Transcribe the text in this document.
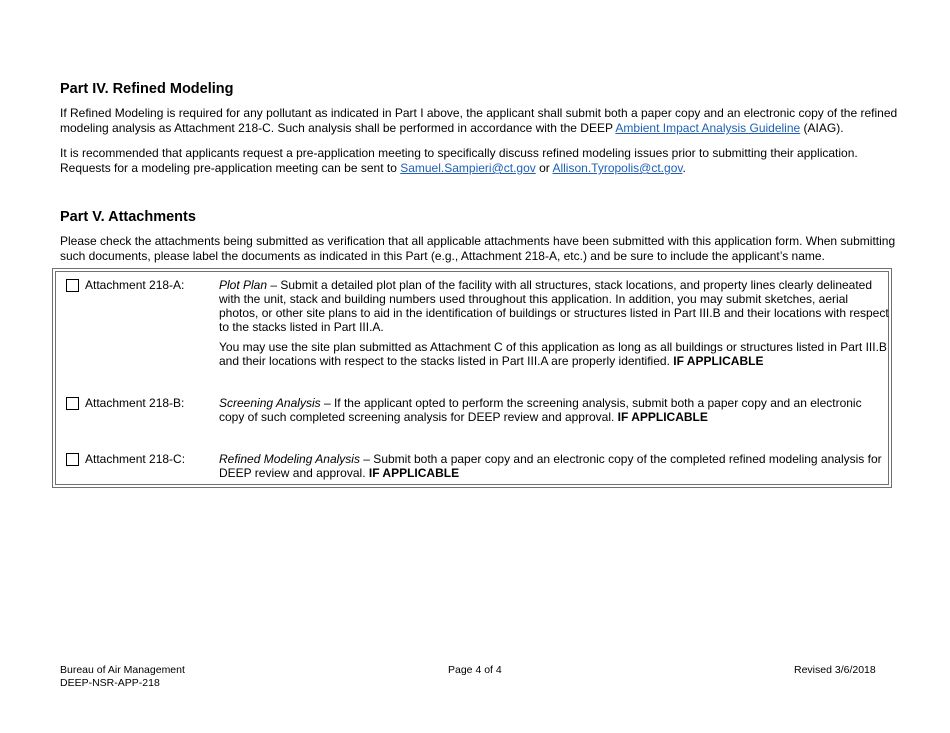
Part IV. Refined Modeling
If Refined Modeling is required for any pollutant as indicated in Part I above, the applicant shall submit both a paper copy and an electronic copy of the refined modeling analysis as Attachment 218-C. Such analysis shall be performed in accordance with the DEEP Ambient Impact Analysis Guideline (AIAG).
It is recommended that applicants request a pre-application meeting to specifically discuss refined modeling issues prior to submitting their application. Requests for a modeling pre-application meeting can be sent to Samuel.Sampieri@ct.gov or Allison.Tyropolis@ct.gov.
Part V. Attachments
Please check the attachments being submitted as verification that all applicable attachments have been submitted with this application form. When submitting such documents, please label the documents as indicated in this Part (e.g., Attachment 218-A, etc.) and be sure to include the applicant’s name.
Attachment 218-A:	Plot Plan – Submit a detailed plot plan of the facility with all structures, stack locations, and property lines clearly delineated with the unit, stack and building numbers used throughout this application. In addition, you may submit sketches, aerial photos, or other site plans to aid in the identification of buildings or structures listed in Part III.B and their locations with respect to the stacks listed in Part III.A.
You may use the site plan submitted as Attachment C of this application as long as all buildings or structures listed in Part III.B and their locations with respect to the stacks listed in Part III.A are properly identified. IF APPLICABLE
Attachment 218-B:	Screening Analysis – If the applicant opted to perform the screening analysis, submit both a paper copy and an electronic copy of such completed screening analysis for DEEP review and approval. IF APPLICABLE
Attachment 218-C:	Refined Modeling Analysis – Submit both a paper copy and an electronic copy of the completed refined modeling analysis for DEEP review and approval. IF APPLICABLE
Bureau of Air Management
DEEP-NSR-APP-218
Page 4 of 4	Revised 3/6/2018
